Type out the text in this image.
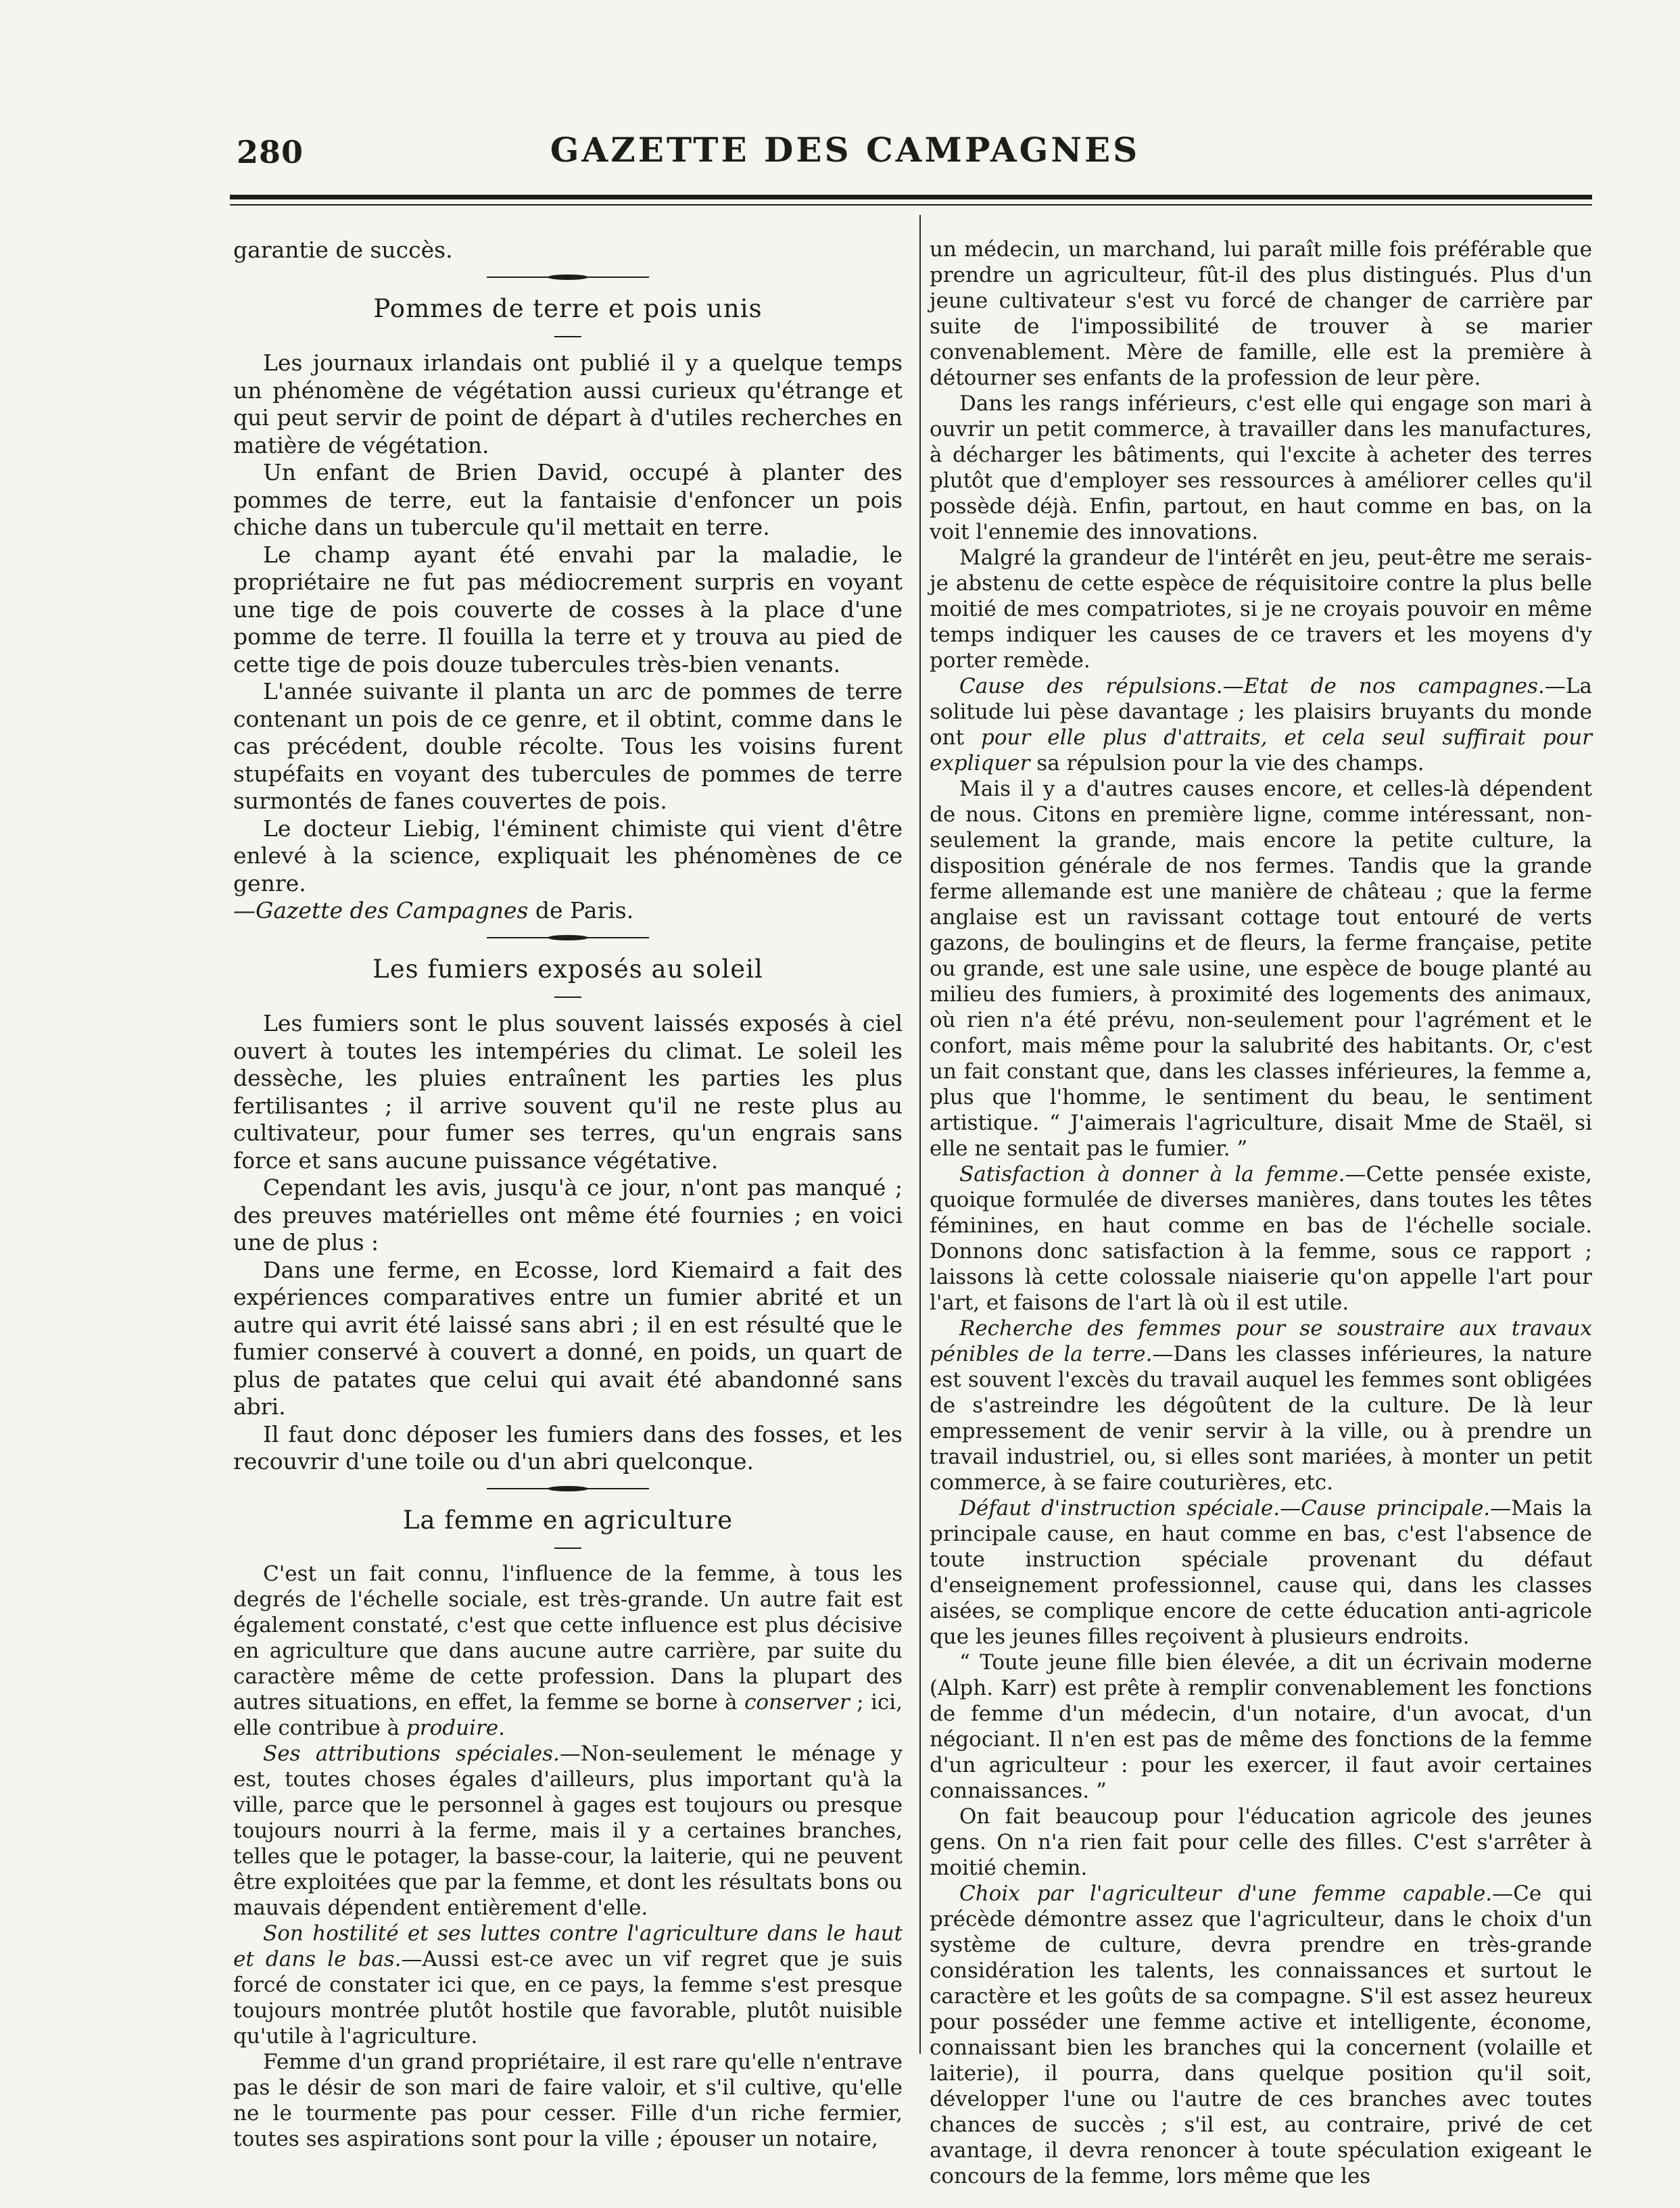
280	GAZETTE DES CAMPAGNES

garantie de succès.

Pommes de terre et pois unis

Les journaux irlandais ont publié il y a quelque temps un phénomène de végétation aussi curieux qu'étrange et qui peut servir de point de départ à d'utiles recherches en matière de végétation.

Un enfant de Brien David, occupé à planter des pommes de terre, eut la fantaisie d'enfoncer un pois chiche dans un tubercule qu'il mettait en terre.

Le champ ayant été envahi par la maladie, le propriétaire ne fut pas médiocrement surpris en voyant une tige de pois couverte de cosses à la place d'une pomme de terre. Il fouilla la terre et y trouva au pied de cette tige de pois douze tubercules très-bien venants.

L'année suivante il planta un arc de pommes de terre contenant un pois de ce genre, et il obtint, comme dans le cas précédent, double récolte. Tous les voisins furent stupéfaits en voyant des tubercules de pommes de terre surmontés de fanes couvertes de pois.

Le docteur Liebig, l'éminent chimiste qui vient d'être enlevé à la science, expliquait les phénomènes de ce genre.
—Gazette des Campagnes de Paris.

Les fumiers exposés au soleil

Les fumiers sont le plus souvent laissés exposés à ciel ouvert à toutes les intempéries du climat. Le soleil les dessèche, les pluies entraînent les parties les plus fertilisantes ; il arrive souvent qu'il ne reste plus au cultivateur, pour fumer ses terres, qu'un engrais sans force et sans aucune puissance végétative.

Cependant les avis, jusqu'à ce jour, n'ont pas manqué ; des preuves matérielles ont même été fournies ; en voici une de plus :

Dans une ferme, en Ecosse, lord Kiemaird a fait des expériences comparatives entre un fumier abrité et un autre qui avrit été laissé sans abri ; il en est résulté que le fumier conservé à couvert a donné, en poids, un quart de plus de patates que celui qui avait été abandonné sans abri.

Il faut donc déposer les fumiers dans des fosses, et les recouvrir d'une toile ou d'un abri quelconque.

La femme en agriculture

C'est un fait connu, l'influence de la femme, à tous les degrés de l'échelle sociale, est très-grande. Un autre fait est également constaté, c'est que cette influence est plus décisive en agriculture que dans aucune autre carrière, par suite du caractère même de cette profession. Dans la plupart des autres situations, en effet, la femme se borne à conserver ; ici, elle contribue à produire.

Ses attributions spéciales.—Non-seulement le ménage y est, toutes choses égales d'ailleurs, plus important qu'à la ville, parce que le personnel à gages est toujours ou presque toujours nourri à la ferme, mais il y a certaines branches, telles que le potager, la basse-cour, la laiterie, qui ne peuvent être exploitées que par la femme, et dont les résultats bons ou mauvais dépendent entièrement d'elle.

Son hostilité et ses luttes contre l'agriculture dans le haut et dans le bas.—Aussi est-ce avec un vif regret que je suis forcé de constater ici que, en ce pays, la femme s'est presque toujours montrée plutôt hostile que favorable, plutôt nuisible qu'utile à l'agriculture.

Femme d'un grand propriétaire, il est rare qu'elle n'entrave pas le désir de son mari de faire valoir, et s'il cultive, qu'elle ne le tourmente pas pour cesser. Fille d'un riche fermier, toutes ses aspirations sont pour la ville ; épouser un notaire,

un médecin, un marchand, lui paraît mille fois préférable que prendre un agriculteur, fût-il des plus distingués. Plus d'un jeune cultivateur s'est vu forcé de changer de carrière par suite de l'impossibilité de trouver à se marier convenablement. Mère de famille, elle est la première à détourner ses enfants de la profession de leur père.

Dans les rangs inférieurs, c'est elle qui engage son mari à ouvrir un petit commerce, à travailler dans les manufactures, à décharger les bâtiments, qui l'excite à acheter des terres plutôt que d'employer ses ressources à améliorer celles qu'il possède déjà. Enfin, partout, en haut comme en bas, on la voit l'ennemie des innovations.

Malgré la grandeur de l'intérêt en jeu, peut-être me serais-je abstenu de cette espèce de réquisitoire contre la plus belle moitié de mes compatriotes, si je ne croyais pouvoir en même temps indiquer les causes de ce travers et les moyens d'y porter remède.

Cause des répulsions.—Etat de nos campagnes.—La solitude lui pèse davantage ; les plaisirs bruyants du monde ont pour elle plus d'attraits, et cela seul suffirait pour expliquer sa répulsion pour la vie des champs.

Mais il y a d'autres causes encore, et celles-là dépendent de nous. Citons en première ligne, comme intéressant, non-seulement la grande, mais encore la petite culture, la disposition générale de nos fermes. Tandis que la grande ferme allemande est une manière de château ; que la ferme anglaise est un ravissant cottage tout entouré de verts gazons, de boulingins et de fleurs, la ferme française, petite ou grande, est une sale usine, une espèce de bouge planté au milieu des fumiers, à proximité des logements des animaux, où rien n'a été prévu, non-seulement pour l'agrément et le confort, mais même pour la salubrité des habitants. Or, c'est un fait constant que, dans les classes inférieures, la femme a, plus que l'homme, le sentiment du beau, le sentiment artistique. “ J'aimerais l'agriculture, disait Mme de Staël, si elle ne sentait pas le fumier. ”

Satisfaction à donner à la femme.—Cette pensée existe, quoique formulée de diverses manières, dans toutes les têtes féminines, en haut comme en bas de l'échelle sociale. Donnons donc satisfaction à la femme, sous ce rapport ; laissons là cette colossale niaiserie qu'on appelle l'art pour l'art, et faisons de l'art là où il est utile.

Recherche des femmes pour se soustraire aux travaux pénibles de la terre.—Dans les classes inférieures, la nature est souvent l'excès du travail auquel les femmes sont obligées de s'astreindre les dégoûtent de la culture. De là leur empressement de venir servir à la ville, ou à prendre un travail industriel, ou, si elles sont mariées, à monter un petit commerce, à se faire couturières, etc.

Défaut d'instruction spéciale.—Cause principale.—Mais la principale cause, en haut comme en bas, c'est l'absence de toute instruction spéciale provenant du défaut d'enseignement professionnel, cause qui, dans les classes aisées, se complique encore de cette éducation anti-agricole que les jeunes filles reçoivent à plusieurs endroits.

“ Toute jeune fille bien élevée, a dit un écrivain moderne (Alph. Karr) est prête à remplir convenablement les fonctions de femme d'un médecin, d'un notaire, d'un avocat, d'un négociant. Il n'en est pas de même des fonctions de la femme d'un agriculteur : pour les exercer, il faut avoir certaines connaissances. ”

On fait beaucoup pour l'éducation agricole des jeunes gens. On n'a rien fait pour celle des filles. C'est s'arrêter à moitié chemin.

Choix par l'agriculteur d'une femme capable.—Ce qui précède démontre assez que l'agriculteur, dans le choix d'un système de culture, devra prendre en très-grande considération les talents, les connaissances et surtout le caractère et les goûts de sa compagne. S'il est assez heureux pour posséder une femme active et intelligente, économe, connaissant bien les branches qui la concernent (volaille et laiterie), il pourra, dans quelque position qu'il soit, développer l'une ou l'autre de ces branches avec toutes chances de succès ; s'il est, au contraire, privé de cet avantage, il devra renoncer à toute spéculation exigeant le concours de la femme, lors même que les
